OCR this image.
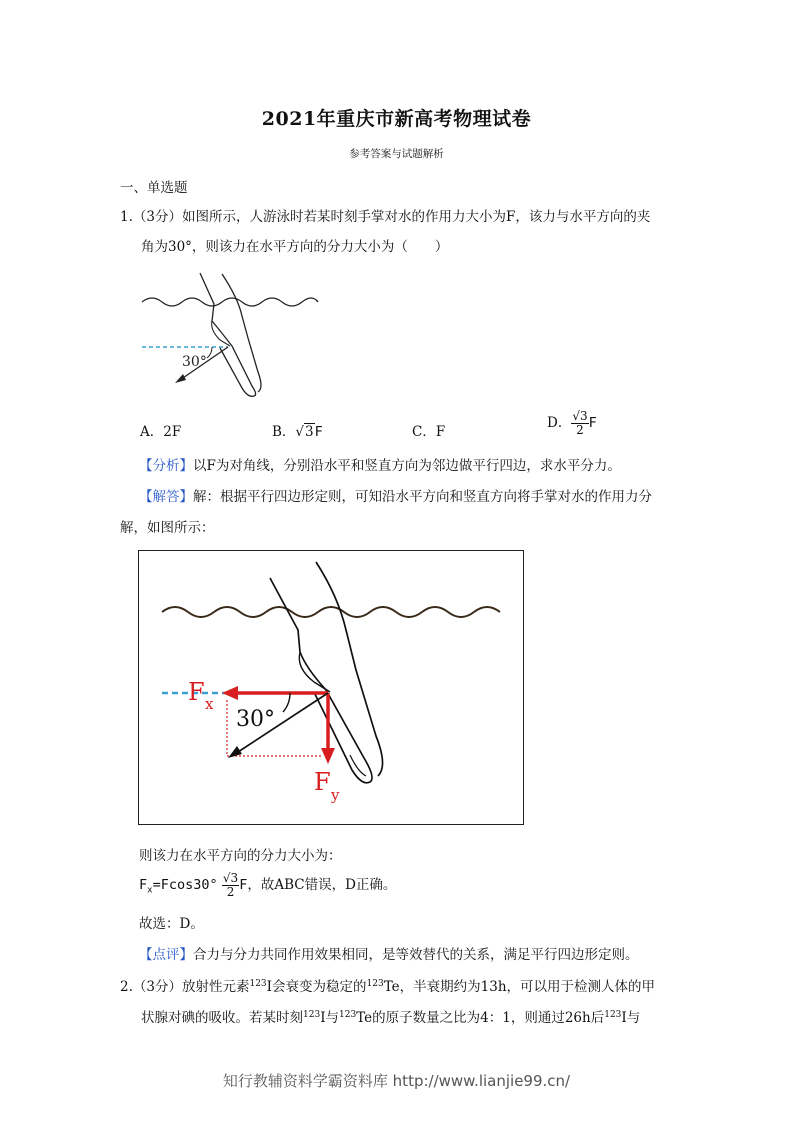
2021年重庆市新高考物理试卷
参考答案与试题解析
一、单选题
1.（3分）如图所示，人游泳时若某时刻手掌对水的作用力大小为F，该力与水平方向的夹
角为30°，则该力在水平方向的分力大小为（　　）
30°
A．2F	B．√3F	C．F
D． $\frac{√3}{2}$ F
【分析】以F为对角线，分别沿水平和竖直方向为邻边做平行四边，求水平分力。
【解答】解：根据平行四边形定则，可知沿水平方向和竖直方向将手掌对水的作用力分
解，如图所示：
30°
F x
F y
则该力在水平方向的分力大小为：
$F_x=Fcos30^\circ \frac{√3}{2}$ F，故ABC错误，D正确。
故选：D。
【点评】合力与分力共同作用效果相同，是等效替代的关系，满足平行四边形定则。
2.（3分）放射性元素$^{123}$I会衰变为稳定的$^{123}$Te，半衰期约为13h，可以用于检测人体的甲
状腺对碘的吸收。若某时刻$^{123}$I与$^{123}$Te的原子数量之比为4：1，则通过26h后$^{123}$I与
知行教辅资料学霸资料库 http://www.lianjie99.cn/
